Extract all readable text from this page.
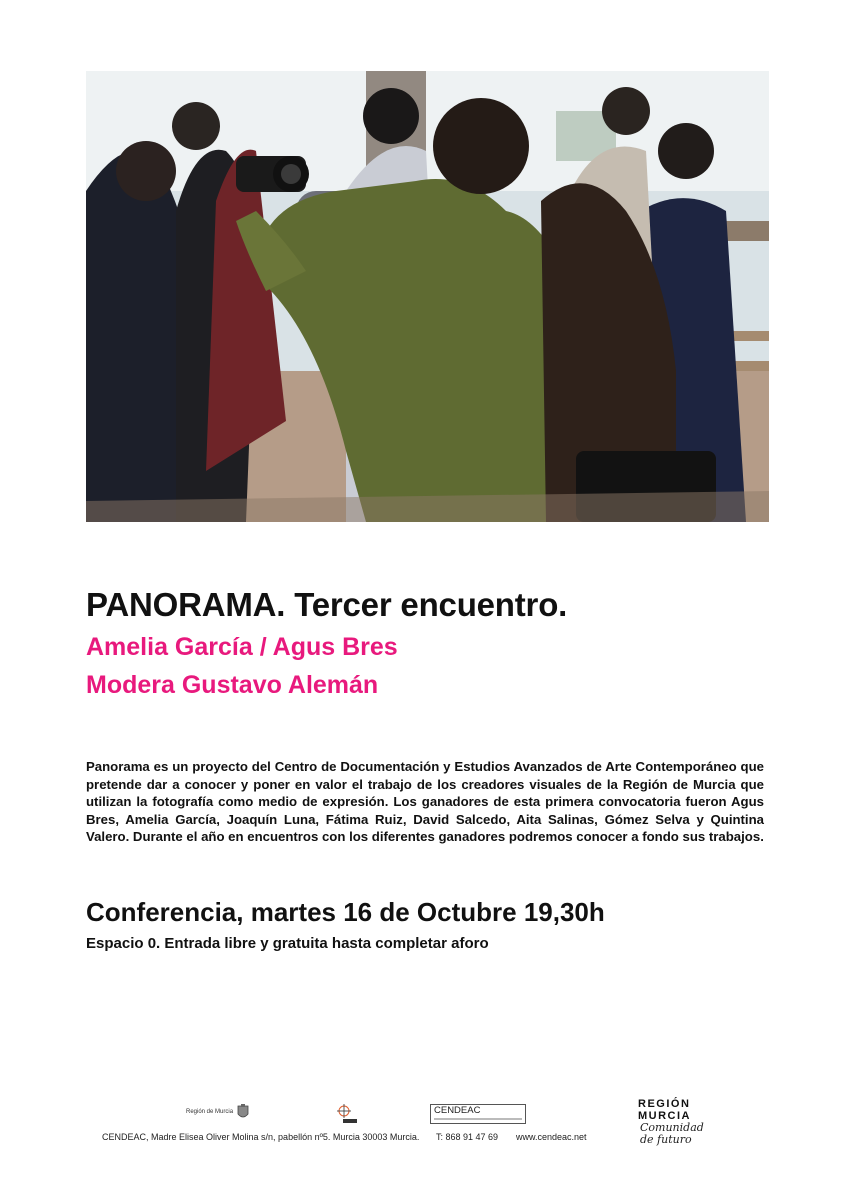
PANORAMA. Tercer encuentro.
Amelia García / Agus Bres
Modera Gustavo Alemán

Panorama es un proyecto del Centro de Documentación y Estudios Avanzados de Arte Contemporáneo que pretende dar a conocer y poner en valor el trabajo de los creadores visuales de la Región de Murcia que utilizan la fotografía como medio de expresión. Los ganadores de esta primera convocatoria fueron Agus Bres, Amelia García, Joaquín Luna, Fátima Ruiz, David Salcedo, Aita Salinas, Gómez Selva y Quintina Valero. Durante el año en encuentros con los diferentes ganadores podremos conocer a fondo sus trabajos.

Conferencia, martes 16 de Octubre 19,30h

Espacio 0. Entrada libre y gratuita hasta completar aforo

Región de Murcia	CENDEAC

CENDEAC, Madre Elisea Oliver Molina s/n, pabellón nº5. Murcia 30003 Murcia. T: 868 91 47 69 www.cendeac.net

REGIÓN
MURCIA
Comunidad
de futuro
